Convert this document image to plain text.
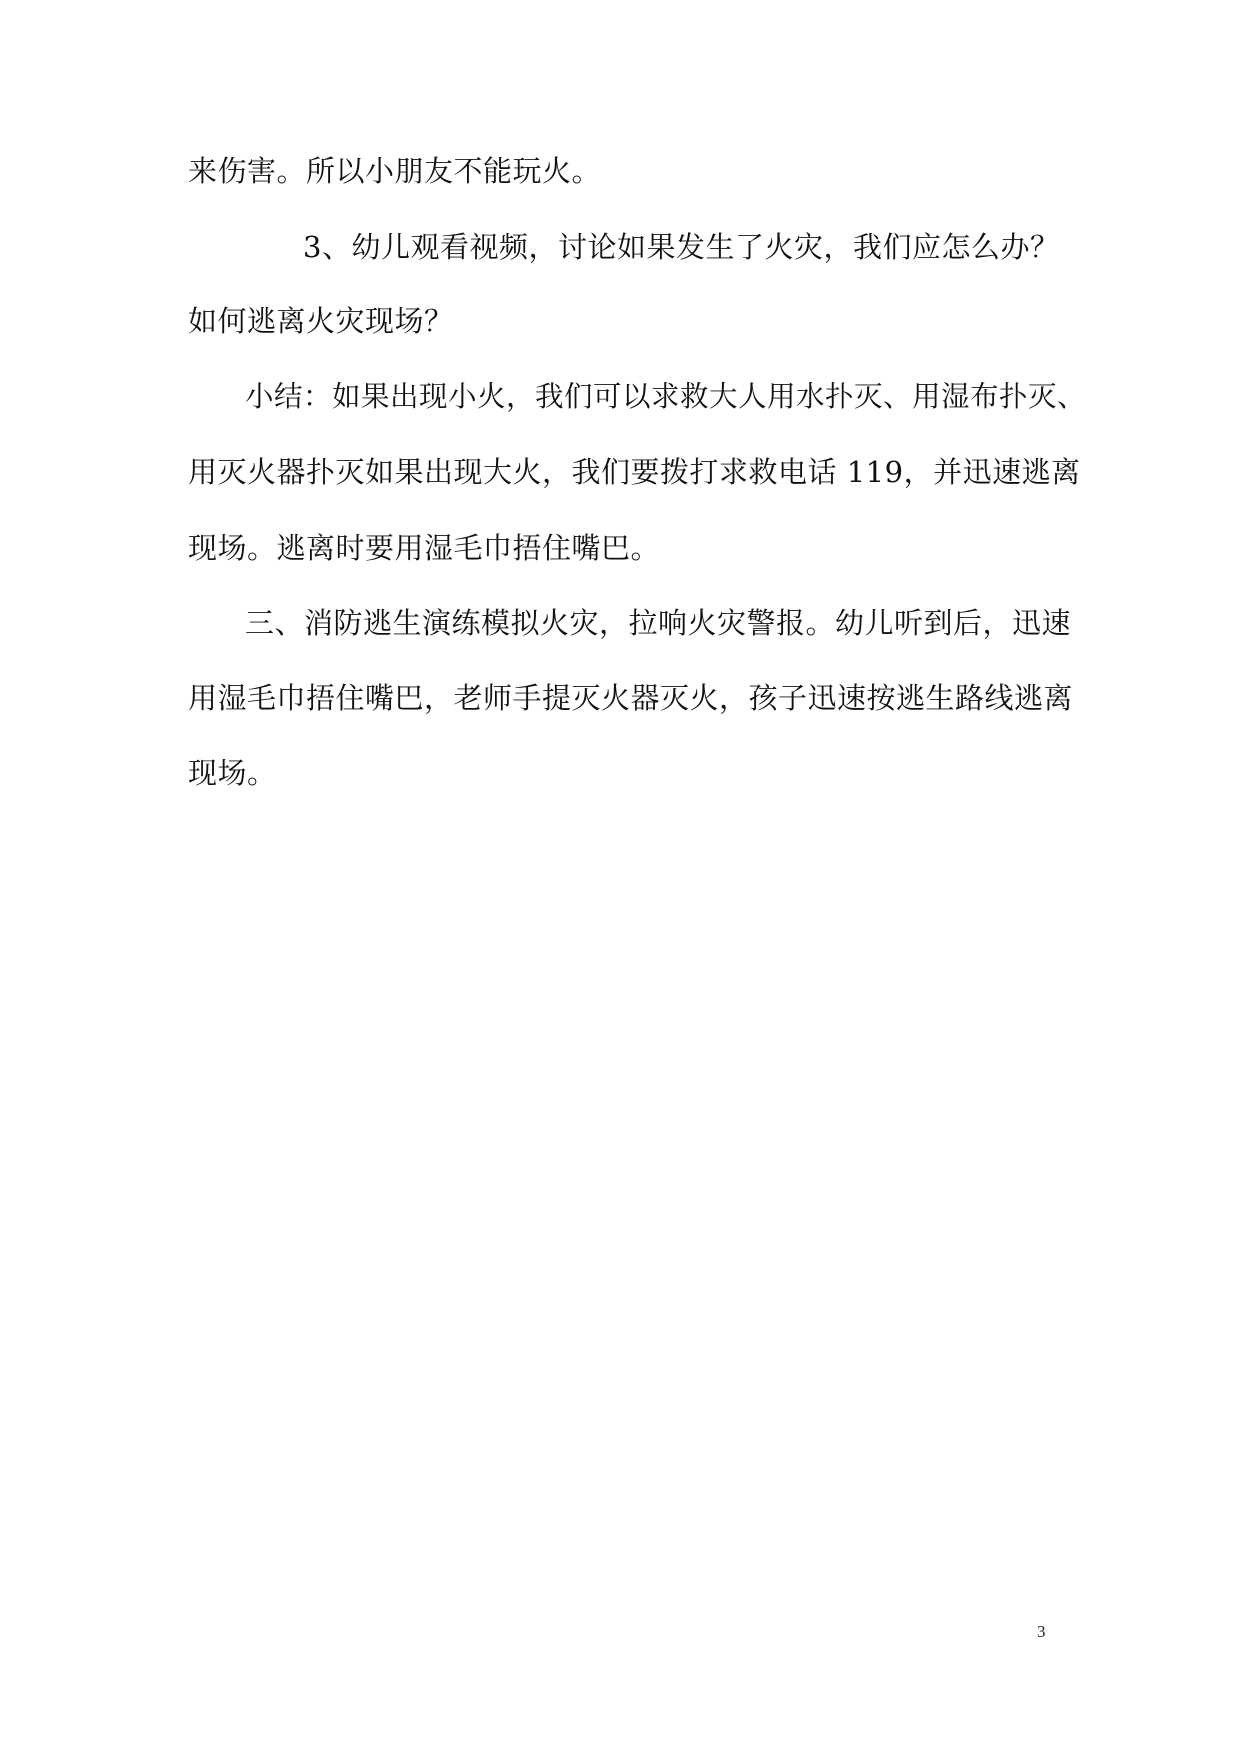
来伤害。所以小朋友不能玩火。
3、幼儿观看视频，讨论如果发生了火灾，我们应怎么办？
如何逃离火灾现场？
小结：如果出现小火，我们可以求救大人用水扑灭、用湿布扑灭、
用灭火器扑灭如果出现大火，我们要拨打求救电话 119，并迅速逃离
现场。逃离时要用湿毛巾捂住嘴巴。
三、消防逃生演练模拟火灾，拉响火灾警报。幼儿听到后，迅速
用湿毛巾捂住嘴巴，老师手提灭火器灭火，孩子迅速按逃生路线逃离
现场。
3
